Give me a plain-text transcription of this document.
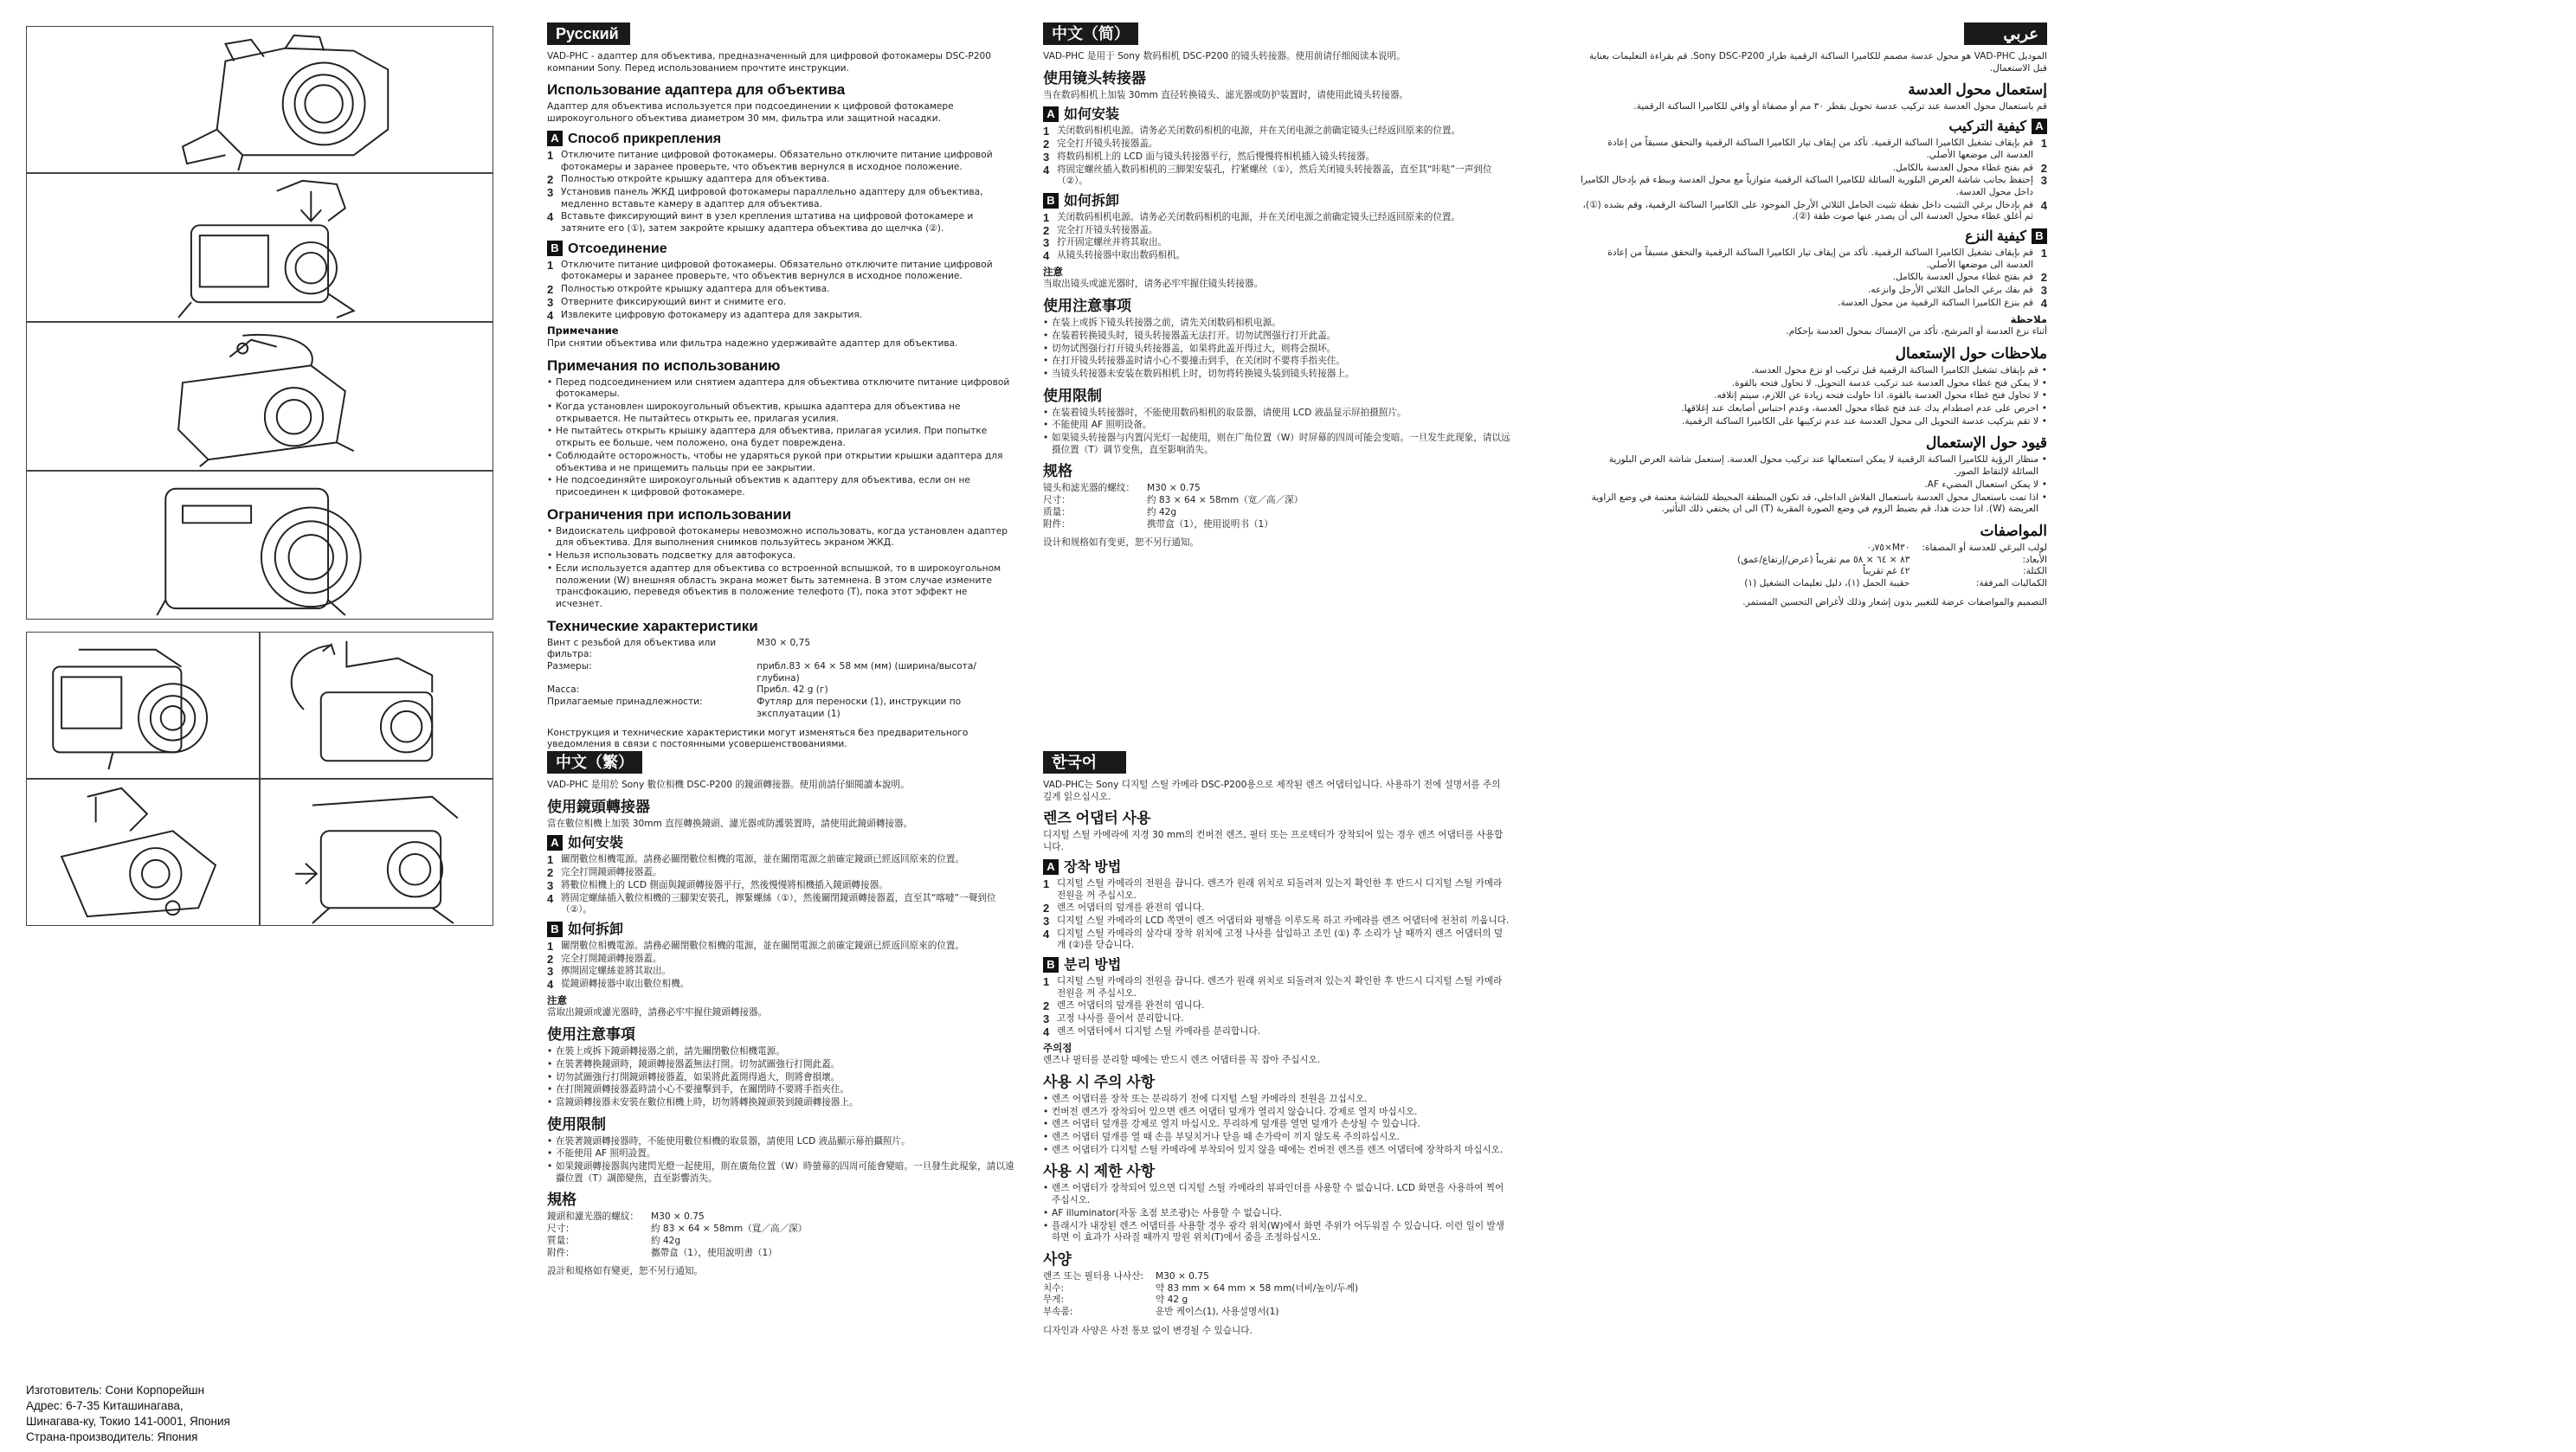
Изготовитель: Сони Корпорейшн
Адрес: 6-7-35 Киташинагава,
Шинагава-ку, Токио 141-0001, Япония
Страна-производитель: Япония
Русский

VAD-PHC - адаптер для объектива, предназначенный для цифровой фотокамеры DSC-P200 компании Sony. Перед использованием прочтите инструкции.

Использование адаптера для объектива

Адаптер для объектива используется при подсоединении к цифровой фотокамере широкоугольного объектива диаметром 30 мм, фильтра или защитной насадки.

A Способ прикрепления
1 Отключите питание цифровой фотокамеры. Обязательно отключите питание цифровой фотокамеры и заранее проверьте, что объектив вернулся в исходное положение.
2 Полностью откройте крышку адаптера для объектива.
3 Установив панель ЖКД цифровой фотокамеры параллельно адаптеру для объектива, медленно вставьте камеру в адаптер для объектива.
4 Вставьте фиксирующий винт в узел крепления штатива на цифровой фотокамере и затяните его (①), затем закройте крышку адаптера объектива до щелчка (②).
B Отсоединение
1 Отключите питание цифровой фотокамеры. Обязательно отключите питание цифровой фотокамеры и заранее проверьте, что объектив вернулся в исходное положение.
2 Полностью откройте крышку адаптера для объектива.
3 Отверните фиксирующий винт и снимите его.
4 Извлеките цифровую фотокамеру из адаптера для закрытия.
Примечание

При снятии объектива или фильтра надежно удерживайте адаптер для объектива.

Примечания по использованию
• Перед подсоединением или снятием адаптера для объектива отключите питание цифровой фотокамеры.
• Когда установлен широкоугольный объектив, крышка адаптера для объектива не открывается. Не пытайтесь открыть ее, прилагая усилия.
• Не пытайтесь открыть крышку адаптера для объектива, прилагая усилия. При попытке открыть ее больше, чем положено, она будет повреждена.
• Соблюдайте осторожность, чтобы не ударяться рукой при открытии крышки адаптера для объектива и не прищемить пальцы при ее закрытии.
• Не подсоединяйте широкоугольный объектив к адаптеру для объектива, если он не присоединен к цифровой фотокамере.
Ограничения при использовании
• Видоискатель цифровой фотокамеры невозможно использовать, когда установлен адаптер для объектива. Для выполнения снимков пользуйтесь экраном ЖКД.
• Нельзя использовать подсветку для автофокуса.
• Если используется адаптер для объектива со встроенной вспышкой, то в широкоугольном положении (W) внешняя область экрана может быть затемнена. В этом случае измените трансфокацию, переведя объектив в положение телефото (T), пока этот эффект не исчезнет.
Технические характеристики
Винт с резьбой для объектива или фильтра:	M30 × 0,75
Размеры:	прибл.83 × 64 × 58 мм (мм) (ширина/высота/глубина)
Масса:	Прибл. 42 g (г)
Прилагаемые принадлежности:	Футляр для переноски (1), инструкции по эксплуатации (1)

Конструкция и технические характеристики могут изменяться без предварительного уведомления в связи с постоянными усовершенствованиями.

中文（繁）

VAD-PHC 是用於 Sony 數位相機 DSC-P200 的鏡頭轉接器。使用前請仔細閱讀本說明。

使用鏡頭轉接器

當在數位相機上加裝 30mm 直徑轉換鏡頭、濾光器或防護裝置時，請使用此鏡頭轉接器。

A 如何安裝
1 關閉數位相機電源。請務必關閉數位相機的電源，並在關閉電源之前確定鏡頭已經返回原來的位置。
2 完全打開鏡頭轉接器蓋。
3 將數位相機上的 LCD 側面與鏡頭轉接器平行，然後慢慢將相機插入鏡頭轉接器。
4 將固定螺絲插入數位相機的三腳架安裝孔，擰緊螺絲（①），然後關閉鏡頭轉接器蓋，直至其“喀噠”一聲到位（②）。
B 如何拆卸
1 關閉數位相機電源。請務必關閉數位相機的電源，並在關閉電源之前確定鏡頭已經返回原來的位置。
2 完全打開鏡頭轉接器蓋。
3 擰開固定螺絲並將其取出。
4 從鏡頭轉接器中取出數位相機。
注意

當取出鏡頭或濾光器時，請務必牢牢握住鏡頭轉接器。

使用注意事項
• 在裝上或拆下鏡頭轉接器之前，請先關閉數位相機電源。
• 在裝著轉換鏡頭時，鏡頭轉接器蓋無法打開。切勿試圖強行打開此蓋。
• 切勿試圖強行打開鏡頭轉接器蓋，如果將此蓋開得過大，則將會損壞。
• 在打開鏡頭轉接器蓋時請小心不要撞擊到手，在關閉時不要將手指夾住。
• 當鏡頭轉接器未安裝在數位相機上時，切勿將轉換鏡頭裝到鏡頭轉接器上。
使用限制
• 在裝著鏡頭轉接器時，不能使用數位相機的取景器，請使用 LCD 液晶顯示幕拍攝照片。
• 不能使用 AF 照明設置。
• 如果鏡頭轉接器與內建閃光燈一起使用，則在廣角位置（W）時螢幕的四周可能會變暗。一旦發生此現象，請以遠攝位置（T）調節變焦，直至影響消失。
規格
鏡頭和濾光器的螺紋：	M30 × 0.75
尺寸：	約 83 × 64 × 58mm（寬／高／深）
質量：	約 42g
附件：	攜帶盒（1），使用說明書（1）

設計和規格如有變更，恕不另行通知。

中文（简）

VAD-PHC 是用于 Sony 数码相机 DSC-P200 的镜头转接器。使用前请仔细阅读本说明。

使用镜头转接器

当在数码相机上加装 30mm 直径转换镜头、滤光器或防护装置时，请使用此镜头转接器。

A 如何安装
1 关闭数码相机电源。请务必关闭数码相机的电源，并在关闭电源之前确定镜头已经返回原来的位置。
2 完全打开镜头转接器盖。
3 将数码相机上的 LCD 面与镜头转接器平行，然后慢慢将相机插入镜头转接器。
4 将固定螺丝插入数码相机的三脚架安装孔，拧紧螺丝（①），然后关闭镜头转接器盖，直至其“咔哒”一声到位（②）。
B 如何拆卸
1 关闭数码相机电源。请务必关闭数码相机的电源，并在关闭电源之前确定镜头已经返回原来的位置。
2 完全打开镜头转接器盖。
3 拧开固定螺丝并将其取出。
4 从镜头转接器中取出数码相机。
注意

当取出镜头或滤光器时，请务必牢牢握住镜头转接器。

使用注意事项
• 在装上或拆下镜头转接器之前，请先关闭数码相机电源。
• 在装着转换镜头时，镜头转接器盖无法打开。切勿试图强行打开此盖。
• 切勿试图强行打开镜头转接器盖，如果将此盖开得过大，则将会损坏。
• 在打开镜头转接器盖时请小心不要撞击到手，在关闭时不要将手指夹住。
• 当镜头转接器未安装在数码相机上时，切勿将转换镜头装到镜头转接器上。
使用限制
• 在装着镜头转接器时，不能使用数码相机的取景器，请使用 LCD 液晶显示屏拍摄照片。
• 不能使用 AF 照明设备。
• 如果镜头转接器与内置闪光灯一起使用，则在广角位置（W）时屏幕的四周可能会变暗。一旦发生此现象，请以远摄位置（T）调节变焦，直至影响消失。
规格
镜头和滤光器的螺纹：	M30 × 0.75
尺寸：	约 83 × 64 × 58mm（宽／高／深）
质量：	约 42g
附件：	携带盒（1），使用说明书（1）

设计和规格如有变更，恕不另行通知。

한국어

VAD-PHC는 Sony 디지털 스틸 카메라 DSC-P200용으로 제작된 렌즈 어댑터입니다. 사용하기 전에 설명서를 주의 깊게 읽으십시오.

렌즈 어댑터 사용

디지털 스틸 카메라에 지경 30 mm의 컨버전 렌즈, 필터 또는 프로텍터가 장착되어 있는 경우 렌즈 어댑터를 사용합니다.

A 장착 방법
1 디지털 스틸 카메라의 전원을 끕니다. 렌즈가 원래 위치로 되돌려져 있는지 확인한 후 반드시 디지털 스틸 카메라 전원을 꺼 주십시오.
2 렌즈 어댑터의 덮개를 완전히 엽니다.
3 디지털 스틸 카메라의 LCD 쪽면이 렌즈 어댑터와 평행을 이루도록 하고 카메라를 렌즈 어댑터에 천천히 끼웁니다.
4 디지털 스틸 카메라의 삼각대 장착 위치에 고정 나사를 삽입하고 조인 (①) 후 소리가 날 때까지 렌즈 어댑터의 덮개 (②)를 닫습니다.
B 분리 방법
1 디지털 스틸 카메라의 전원을 끕니다. 렌즈가 원래 위치로 되돌려져 있는지 확인한 후 반드시 디지털 스틸 카메라 전원을 꺼 주십시오.
2 렌즈 어댑터의 덮개를 완전히 엽니다.
3 고정 나사를 풀어서 분리합니다.
4 렌즈 어댑터에서 디지털 스틸 카메라를 분리합니다.
주의점

렌즈나 필터를 분리할 때에는 반드시 렌즈 어댑터를 꼭 잡아 주십시오.

사용 시 주의 사항
• 렌즈 어댑터를 장착 또는 분리하기 전에 디지털 스틸 카메라의 전원을 끄십시오.
• 컨버전 렌즈가 장착되어 있으면 렌즈 어댑터 덮개가 열리지 않습니다. 강제로 열지 마십시오.
• 렌즈 어댑터 덮개를 강제로 열지 마십시오. 무리하게 덮개를 열면 덮개가 손상될 수 있습니다.
• 렌즈 어댑터 덮개를 열 때 손을 부딪치거나 닫을 때 손가락이 끼지 않도록 주의하십시오.
• 렌즈 어댑터가 디지털 스틸 카메라에 부착되어 있지 않을 때에는 컨버전 렌즈를 렌즈 어댑터에 장착하지 마십시오.
사용 시 제한 사항
• 렌즈 어댑터가 장착되어 있으면 디지털 스틸 카메라의 뷰파인더를 사용할 수 없습니다. LCD 화면을 사용하여 찍어 주십시오.
• AF illuminator(자동 초점 보조광)는 사용할 수 없습니다.
• 플래시가 내장된 렌즈 어댑터를 사용할 경우 광각 위치(W)에서 화면 주위가 어두워질 수 있습니다. 이런 일이 발생하면 이 효과가 사라질 때까지 망원 위치(T)에서 줌을 조정하십시오.
사양
렌즈 또는 필터용 나사산:	M30 × 0.75
치수:	약 83 mm × 64 mm × 58 mm(너비/높이/두께)
무게:	약 42 g
부속품:	운반 케이스(1), 사용설명서(1)

디자인과 사양은 사전 통보 없이 변경될 수 있습니다.

عربي

الموديل VAD-PHC هو محول عدسة مصمم للكاميرا الساكنة الرقمية طراز Sony DSC-P200. قم بقراءة التعليمات بعناية قبل الاستعمال.

إستعمال محول العدسة

قم باستعمال محول العدسة عند تركيب عدسة تحويل بقطر ٣٠ مم أو مصفاة أو واقي للكاميرا الساكنة الرقمية.

Aكيفية التركيب
1
قم بإيقاف تشغيل الكاميرا الساكنة الرقمية. تأكد من إيقاف تيار الكاميرا الساكنة الرقمية والتحقق مسبقاً من إعادة العدسة الى موضعها الأصلي.
2
قم بفتح غطاء محول العدسة بالكامل.
3
إحتفظ بجانب شاشة العرض البلورية السائلة للكاميرا الساكنة الرقمية متوازياً مع محول العدسة وببطء قم بإدخال الكاميرا داخل محول العدسة.
4
قم بإدخال برغي التثبيت داخل نقطة تثبيت الحامل الثلاثي الأرجل الموجود على الكاميرا الساكنة الرقمية، وقم بشده (①)، ثم أغلق غطاء محول العدسة الى أن يصدر عنها صوت طقة (②).
Bكيفية النزع
1
قم بإيقاف تشغيل الكاميرا الساكنة الرقمية. تأكد من إيقاف تيار الكاميرا الساكنة الرقمية والتحقق مسبقاً من إعادة العدسة الى موضعها الأصلي.
2
قم بفتح غطاء محول العدسة بالكامل.
3
قم بفك برغي الحامل الثلاثي الأرجل وانزعه.
4
قم بنزع الكاميرا الساكنة الرقمية من محول العدسة.
ملاحظة

أثناء نزع العدسة أو المرشح، تأكد من الإمساك بمحول العدسة بإحكام.

ملاحظات حول الإستعمال
• قم بإيقاف تشغيل الكاميرا الساكنة الرقمية قبل تركيب او نزع محول العدسة.
• لا يمكن فتح غطاء محول العدسة عند تركيب عدسة التحويل. لا تحاول فتحه بالقوة.
• لا تحاول فتح غطاء محول العدسة بالقوة. اذا حاولت فتحه زيادة عن اللازم، سيتم إتلافه.
• احرص على عدم اصطدام يدك عند فتح غطاء محول العدسة، وعدم احتباس أصابعك عند إغلاقها.
• لا تقم بتركيب عدسة التحويل الى محول العدسة عند عدم تركيبها على الكاميرا الساكنة الرقمية.
قيود حول الإستعمال
• منظار الرؤية للكاميرا الساكنة الرقمية لا يمكن استعمالها عند تركيب محول العدسة. إستعمل شاشة العرض البلورية السائلة لإلتقاط الصور.
• لا يمكن استعمال المضيء AF.
• اذا تمت باستعمال محول العدسة باستعمال الفلاش الداخلي، قد تكون المنطقة المحيطة للشاشة معتمة في وضع الزاوية العريضة (W). اذا حدث هذا، قم بضبط الزوم في وضع الصورة المقربة (T) الى ان يختفي ذلك التأثير.
المواصفات
لولب البرغي للعدسة أو المصفاة:	M٣٠×٠٫٧٥
الأبعاد:	٨٣ × ٦٤ × ٥٨ مم تقريباً (عرض/إرتفاع/عمق)
الكتلة:	٤٢ غم تقريباً
الكماليات المرفقة:	حقيبة الحمل (١)، دليل تعليمات التشغيل (١)

التصميم والمواصفات عرضة للتغيير بدون إشعار وذلك لأغراض التحسين المستمر.
